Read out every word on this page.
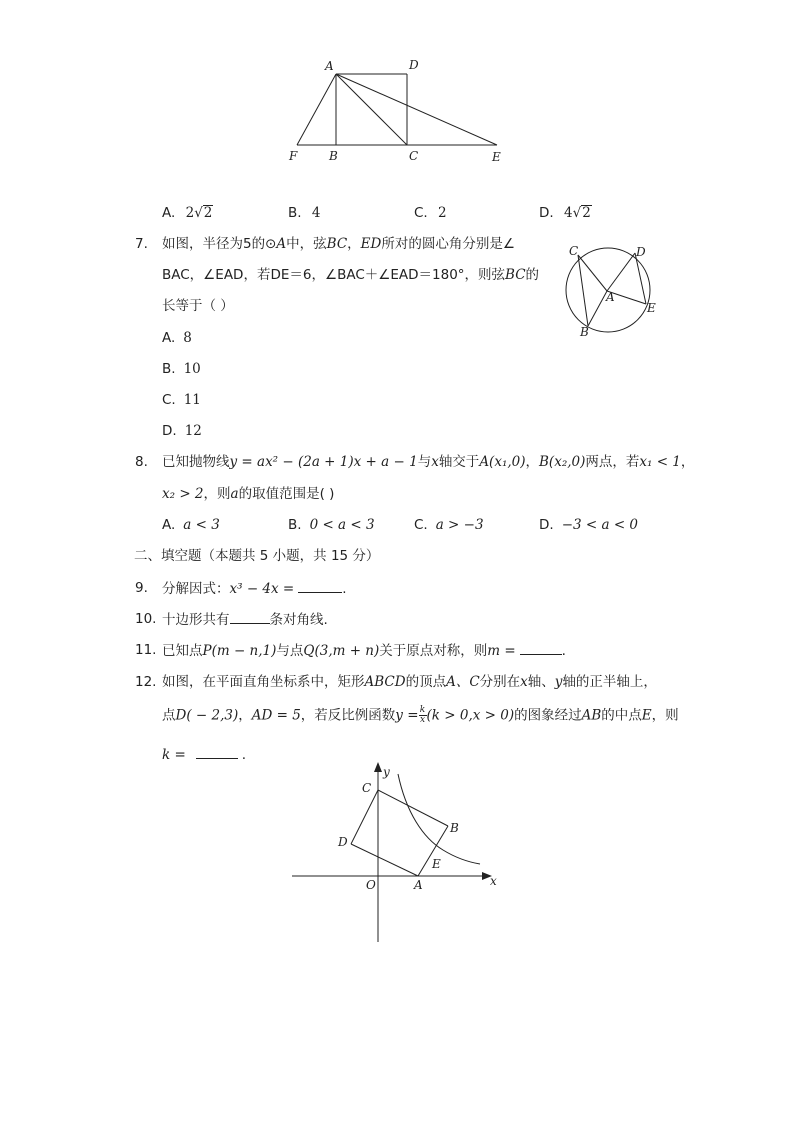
A	D
F	B	C	E
A. 2√2	B. 4	C. 2	D. 4√2
7. 如图，半径为5的⊙A中，弦BC，ED所对的圆心角分别是∠
BAC，∠EAD，若DE＝6，∠BAC＋∠EAD＝180°，则弦BC的
长等于（ ）
A. 8
B. 10
C. 11
D. 12
C	D
A
E
B
8. 已知抛物线y = ax² − (2a + 1)x + a − 1与x轴交于A(x₁,0)，B(x₂,0)两点，若x₁ < 1，
x₂ > 2，则a的取值范围是( )
A. a < 3	B. 0 < a < 3	C. a > −3	D. −3 < a < 0
二、填空题（本题共 5 小题，共 15 分）
9. 分解因式：x³ − 4x =	.
10. 十边形共有	条对角线.
11. 已知点P(m − n,1)与点Q(3,m + n)关于原点对称，则m =	.
12. 如图，在平面直角坐标系中，矩形ABCD的顶点A、C分别在x轴、y轴的正半轴上，
点D( − 2,3)，AD = 5，若反比例函数$y = \frac{k}{x} (k > 0,x > 0)$的图象经过AB的中点E，则
k =	.
C
y
B
D
E
O	A	x
